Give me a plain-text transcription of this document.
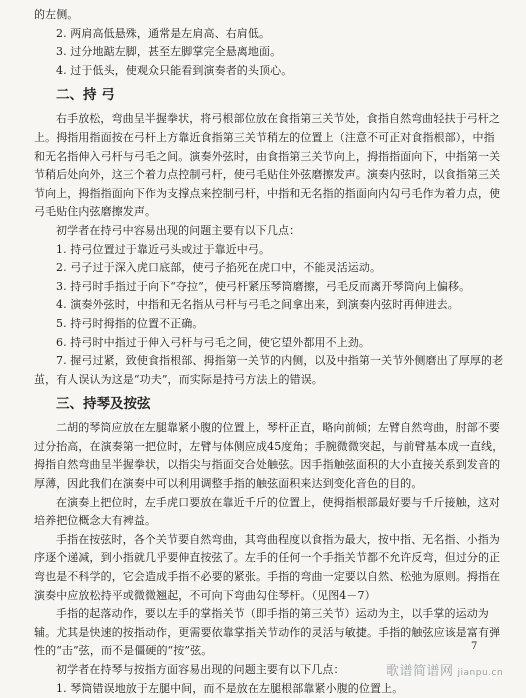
的左侧。

2. 两肩高低悬殊，通常是左肩高、右肩低。

3. 过分地踮左脚，甚至左脚掌完全悬离地面。

4. 过于低头，使观众只能看到演奏者的头顶心。

二、持 弓

右手放松，弯曲呈半握拳状，将弓根部位放在食指第三关节处，食指自然弯曲轻扶于弓杆之上。拇指用指面按在弓杆上方靠近食指第三关节稍左的位置上（注意不可正对食指根部），中指和无名指伸入弓杆与弓毛之间。演奏外弦时，由食指第三关节向上，拇指指面向下，中指第一关节稍后处向外，这三个着力点控制弓杆，使弓毛贴住外弦磨擦发声。演奏内弦时，以食指第三关节向上，拇指指面向下作为支撑点来控制弓杆，中指和无名指的指面向内勾弓毛作为着力点，使弓毛贴住内弦磨擦发声。

初学者在持弓中容易出现的问题主要有以下几点：

1. 持弓位置过于靠近弓头或过于靠近中弓。

2. 弓子过于深入虎口底部，使弓子掐死在虎口中，不能灵活运动。

3. 持弓时手指过于向下“夺拉”，使弓杆紧压琴筒磨擦，弓毛反而离开琴筒向上偏移。

4. 演奏外弦时，中指和无名指从弓杆与弓毛之间拿出来，到演奏内弦时再伸进去。

5. 持弓时拇指的位置不正确。

6. 持弓时中指过于伸入弓杆与弓毛之间，使它望外都用不上劲。

7. 握弓过紧，致使食指根部、拇指第一关节的内侧，以及中指第一关节外侧磨出了厚厚的老茧，有人误认为这是“功夫”，而实际是持弓方法上的错误。

三、持琴及按弦

二胡的琴筒应放在左腿靠紧小腹的位置上，琴杆正直，略向前倾；左臂自然弯曲，肘部不要过分抬高，在演奏第一把位时，左臂与体侧应成45度角；手腕微微突起，与前臂基本成一直线，拇指自然弯曲呈半握拳状，以指尖与指面交合处触弦。因手指触弦面积的大小直接关系到发音的厚薄，因此我们在演奏中可以利用调整手指的触弦面积来达到变化音色的目的。

在演奏上把位时，左手虎口要放在靠近千斤的位置上，使拇指根部最好要与千斤接触，这对培养把位概念大有裨益。

手指在按弦时，各个关节要自然弯曲，其弯曲程度以食指为最大，按中指、无名指、小指为序逐个递减，到小指就几乎要伸直按弦了。左手的任何一个手指关节都不允许反弯，但过分的正弯也是不科学的，它会造成手指不必要的紧张。手指的弯曲一定要以自然、松弛为原则。拇指在演奏中应放松持平或微微翘起，不可向下弯曲勾住琴杆。（见图4－7）

手指的起落动作，要以左手的掌指关节（即手指的第三关节）运动为主，以手掌的运动为辅。尤其是快速的按指动作，更需要依靠掌指关节动作的灵活与敏捷。手指的触弦应该是富有弹性的“击”弦，而不是僵硬的“按”弦。

初学者在持琴与按指方面容易出现的问题主要有以下几点：

1. 琴筒错误地放于左腿中间，而不是放在左腿根部靠紧小腹的位置上。

7
歌谱简谱网 jianpu.cn
